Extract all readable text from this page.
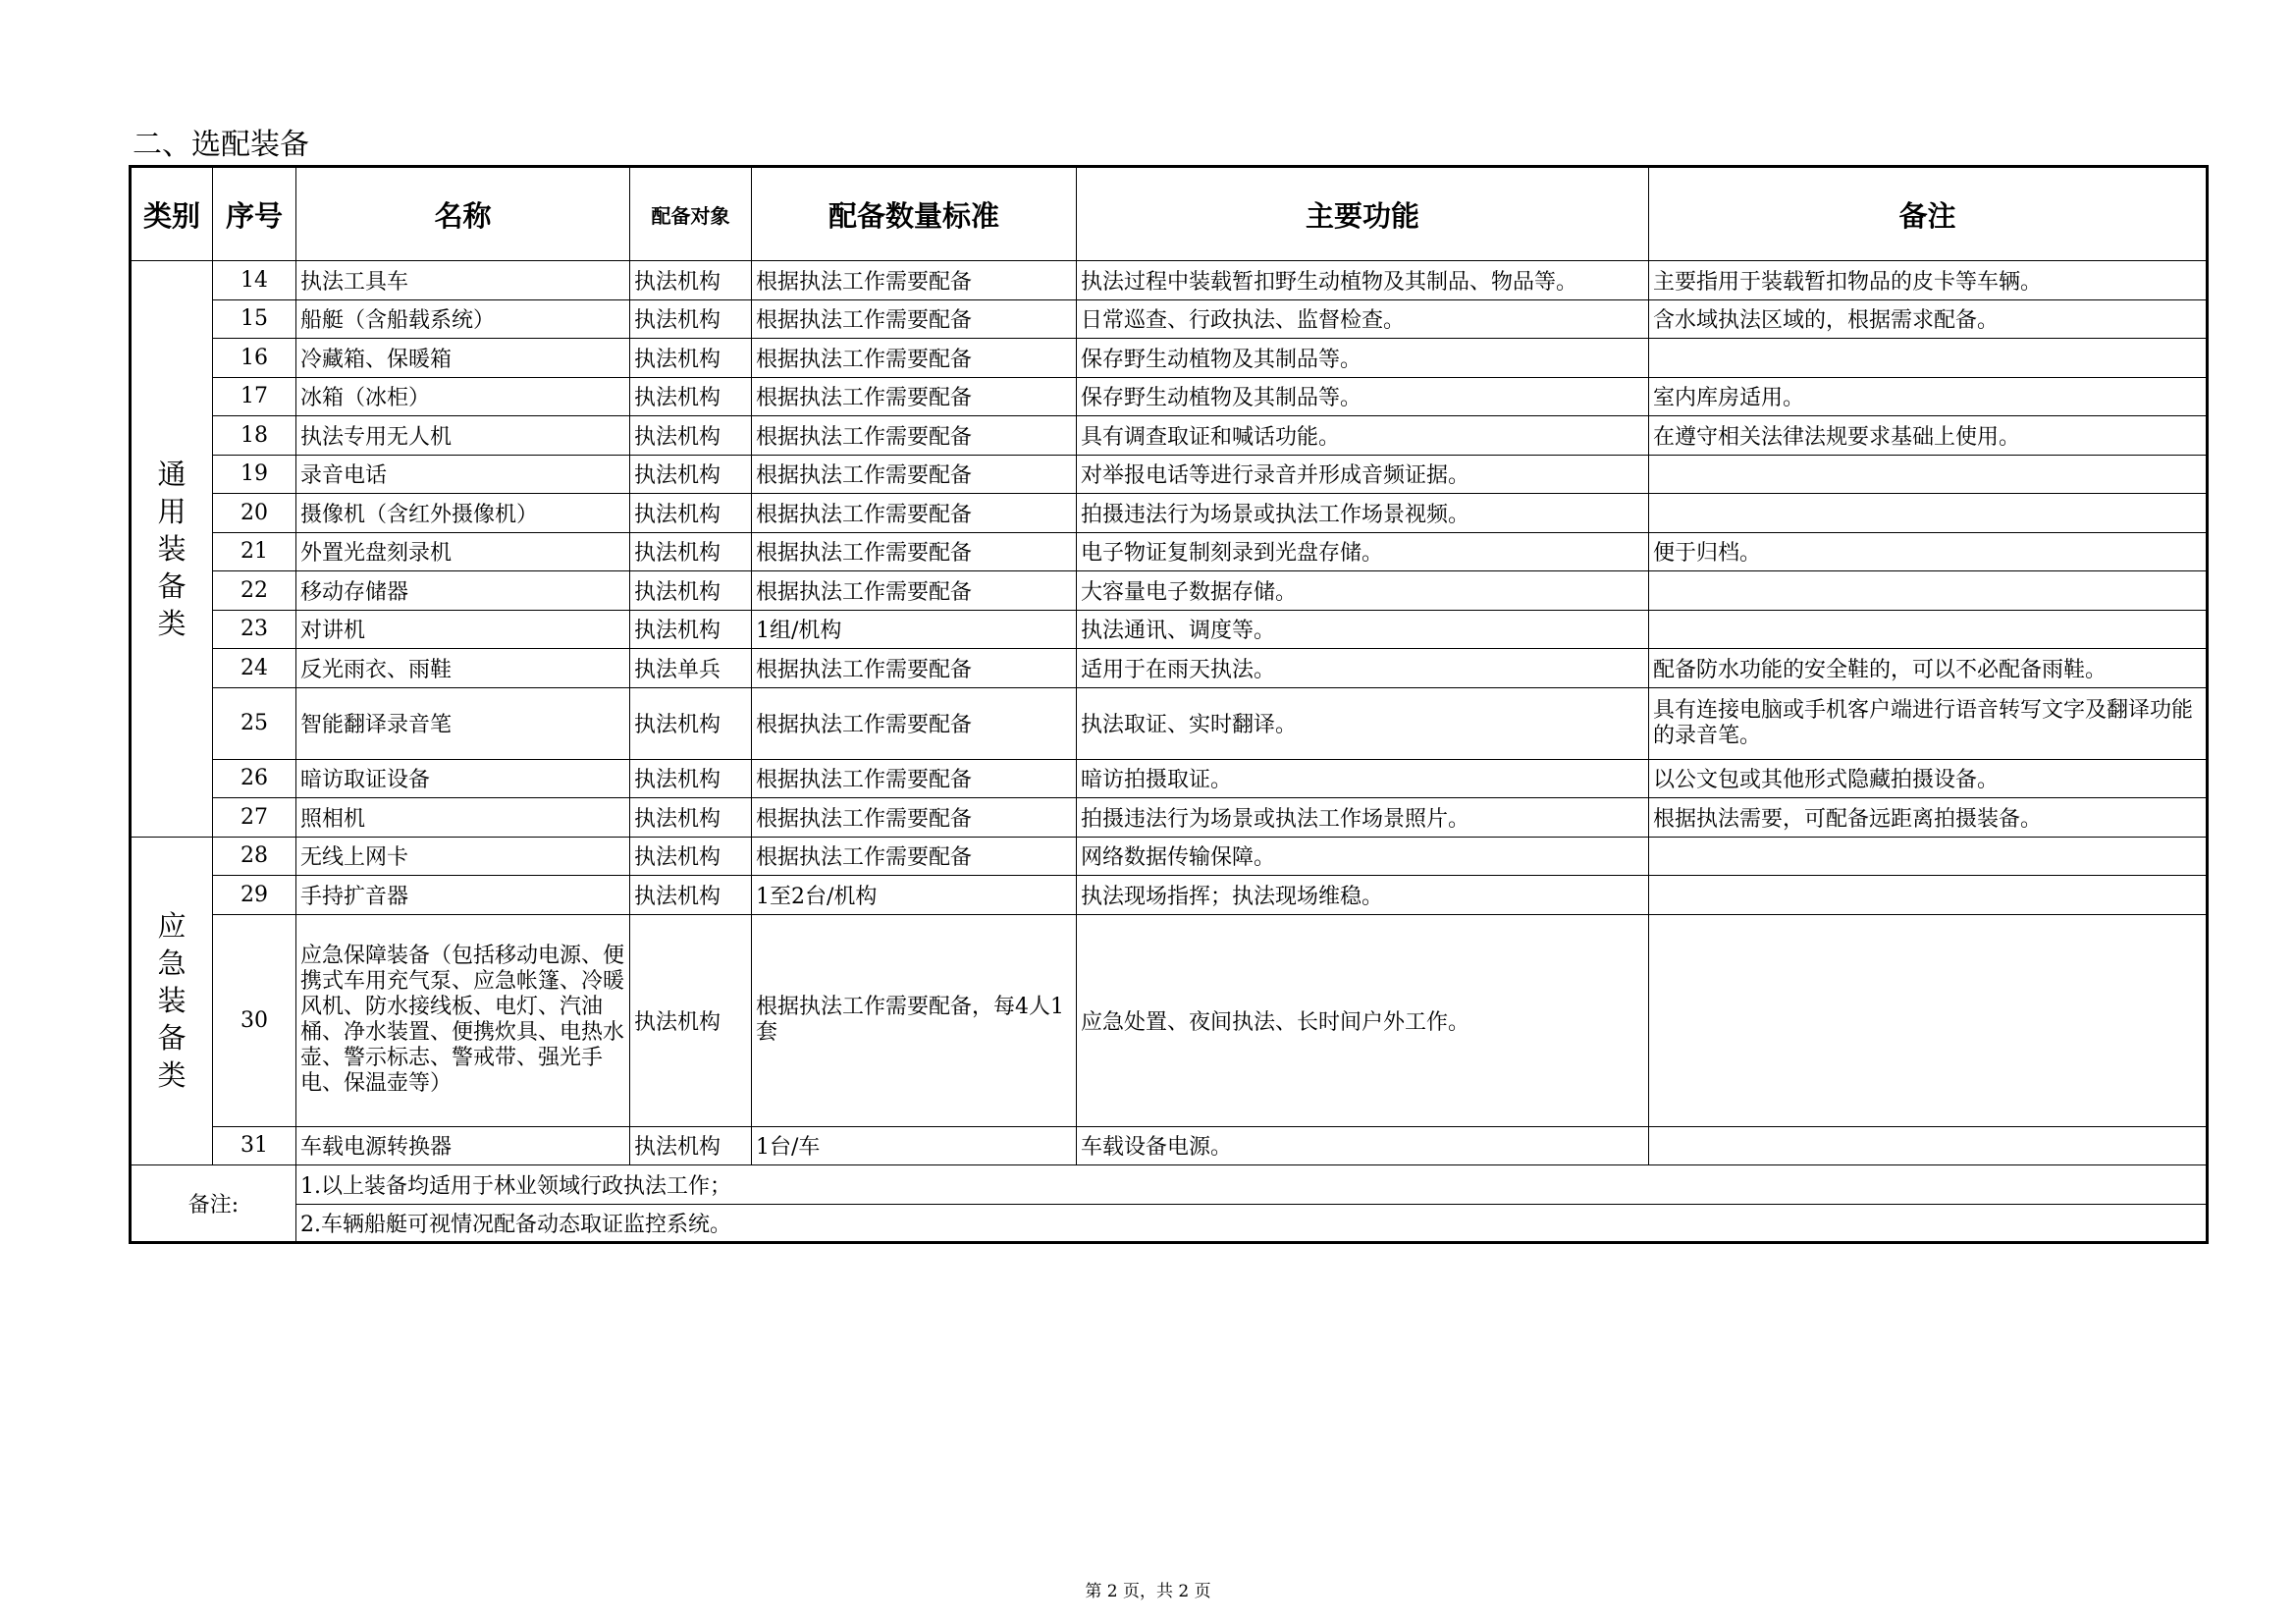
二、选配装备
类别	序号	名称	配备对象	配备数量标准	主要功能	备注
通用装备类	14	执法工具车	执法机构	根据执法工作需要配备	执法过程中装载暂扣野生动植物及其制品、物品等。	主要指用于装载暂扣物品的皮卡等车辆。
	15	船艇（含船载系统）	执法机构	根据执法工作需要配备	日常巡查、行政执法、监督检查。	含水域执法区域的，根据需求配备。
	16	冷藏箱、保暖箱	执法机构	根据执法工作需要配备	保存野生动植物及其制品等。	
	17	冰箱（冰柜）	执法机构	根据执法工作需要配备	保存野生动植物及其制品等。	室内库房适用。
	18	执法专用无人机	执法机构	根据执法工作需要配备	具有调查取证和喊话功能。	在遵守相关法律法规要求基础上使用。
	19	录音电话	执法机构	根据执法工作需要配备	对举报电话等进行录音并形成音频证据。	
	20	摄像机（含红外摄像机）	执法机构	根据执法工作需要配备	拍摄违法行为场景或执法工作场景视频。	
	21	外置光盘刻录机	执法机构	根据执法工作需要配备	电子物证复制刻录到光盘存储。	便于归档。
	22	移动存储器	执法机构	根据执法工作需要配备	大容量电子数据存储。	
	23	对讲机	执法机构	1组/机构	执法通讯、调度等。	
	24	反光雨衣、雨鞋	执法单兵	根据执法工作需要配备	适用于在雨天执法。	配备防水功能的安全鞋的，可以不必配备雨鞋。
	25	智能翻译录音笔	执法机构	根据执法工作需要配备	执法取证、实时翻译。	具有连接电脑或手机客户端进行语音转写文字及翻译功能的录音笔。
	26	暗访取证设备	执法机构	根据执法工作需要配备	暗访拍摄取证。	以公文包或其他形式隐藏拍摄设备。
	27	照相机	执法机构	根据执法工作需要配备	拍摄违法行为场景或执法工作场景照片。	根据执法需要，可配备远距离拍摄装备。
应急装备类	28	无线上网卡	执法机构	根据执法工作需要配备	网络数据传输保障。	
	29	手持扩音器	执法机构	1至2台/机构	执法现场指挥；执法现场维稳。	
	30	应急保障装备（包括移动电源、便携式车用充气泵、应急帐篷、冷暖风机、防水接线板、电灯、汽油桶、净水装置、便携炊具、电热水壶、警示标志、警戒带、强光手电、保温壶等）	执法机构	根据执法工作需要配备，每4人1套	应急处置、夜间执法、长时间户外工作。	
	31	车载电源转换器	执法机构	1台/车	车载设备电源。	
备注:		1.以上装备均适用于林业领域行政执法工作；				
		2.车辆船艇可视情况配备动态取证监控系统。				
第 2 页，共 2 页
